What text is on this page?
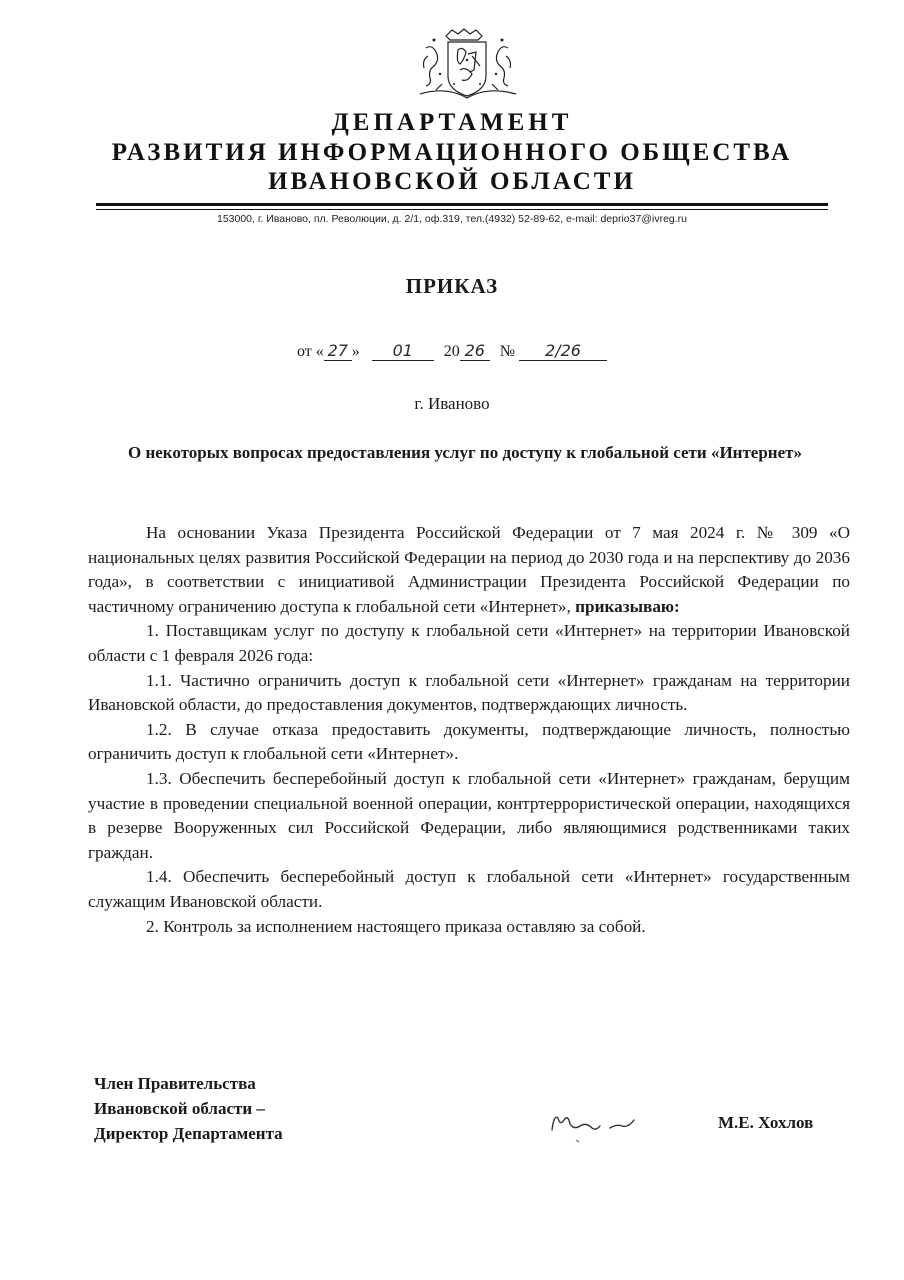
ДЕПАРТАМЕНТ
РАЗВИТИЯ ИНФОРМАЦИОННОГО ОБЩЕСТВА
ИВАНОВСКОЙ ОБЛАСТИ
153000, г. Иваново, пл. Революции, д. 2/1, оф.319, тел.(4932) 52-89-62, e-mail: deprio37@ivreg.ru
ПРИКАЗ
от « 27 » 01 20 26 № 2/26
г. Иваново
О некоторых вопросах предоставления услуг по доступу к глобальной сети «Интернет»

На основании Указа Президента Российской Федерации от 7 мая 2024 г. № 309 «О национальных целях развития Российской Федерации на период до 2030 года и на перспективу до 2036 года», в соответствии с инициативой Администрации Президента Российской Федерации по частичному ограничению доступа к глобальной сети «Интернет», приказываю:

1. Поставщикам услуг по доступу к глобальной сети «Интернет» на территории Ивановской области с 1 февраля 2026 года:

1.1. Частично ограничить доступ к глобальной сети «Интернет» гражданам на территории Ивановской области, до предоставления документов, подтверждающих личность.

1.2. В случае отказа предоставить документы, подтверждающие личность, полностью ограничить доступ к глобальной сети «Интернет».

1.3. Обеспечить бесперебойный доступ к глобальной сети «Интернет» гражданам, берущим участие в проведении специальной военной операции, контртеррористической операции, находящихся в резерве Вооруженных сил Российской Федерации, либо являющимися родственниками таких граждан.

1.4. Обеспечить бесперебойный доступ к глобальной сети «Интернет» государственным служащим Ивановской области.

2. Контроль за исполнением настоящего приказа оставляю за собой.

Член Правительства
Ивановской области –
Директор Департамента
М.Е. Хохлов
